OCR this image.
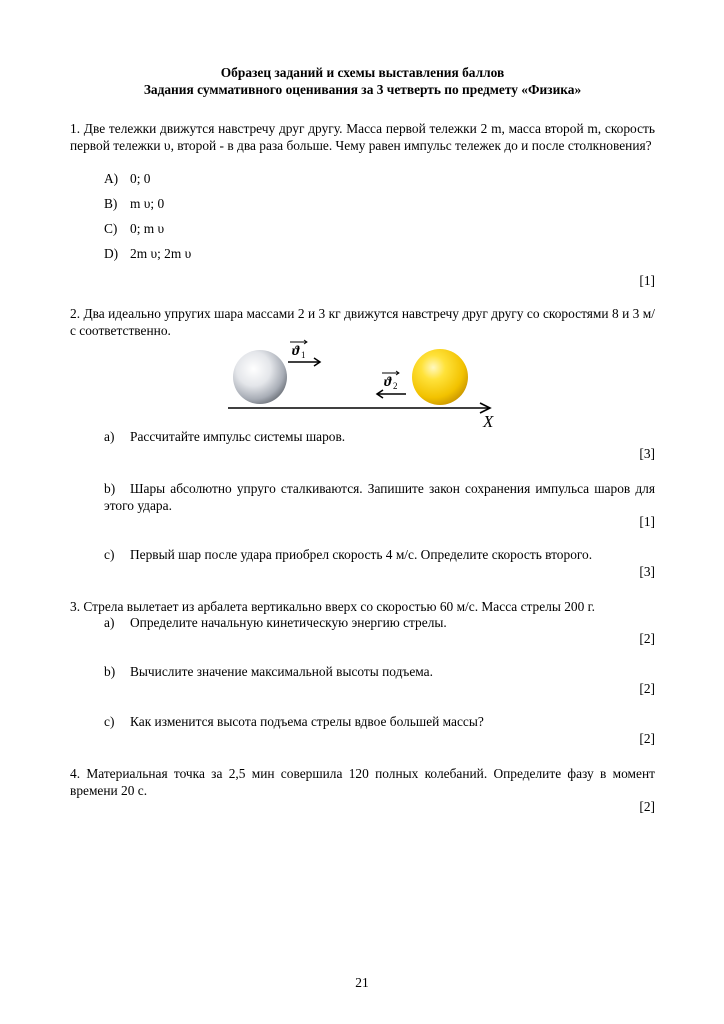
Образец заданий и схемы выставления баллов
Задания суммативного оценивания за 3 четверть по предмету «Физика»
1. Две тележки движутся навстречу друг другу. Масса первой тележки 2 m, масса второй m, скорость первой тележки υ, второй - в два раза больше. Чему равен импульс тележек до и после столкновения?
A) 0; 0
B) m υ; 0
C) 0; m υ
D) 2m υ; 2m υ
[1]
2. Два идеально упругих шара массами 2 и 3 кг движутся навстречу друг другу со скоростями 8 и 3 м/с соответственно.
X
ϑ 1
ϑ 2
a) Рассчитайте импульс системы шаров.
[3]
b) Шары абсолютно упруго сталкиваются. Запишите закон сохранения импульса шаров для этого удара.
[1]
c) Первый шар после удара приобрел скорость 4 м/с. Определите скорость второго.
[3]
3. Стрела вылетает из арбалета вертикально вверх со скоростью 60 м/с. Масса стрелы 200 г.
a) Определите начальную кинетическую энергию стрелы.
[2]
b) Вычислите значение максимальной высоты подъема.
[2]
c) Как изменится высота подъема стрелы вдвое большей массы?
[2]
4. Материальная точка за 2,5 мин совершила 120 полных колебаний. Определите фазу в момент времени 20 с.
[2]
21
